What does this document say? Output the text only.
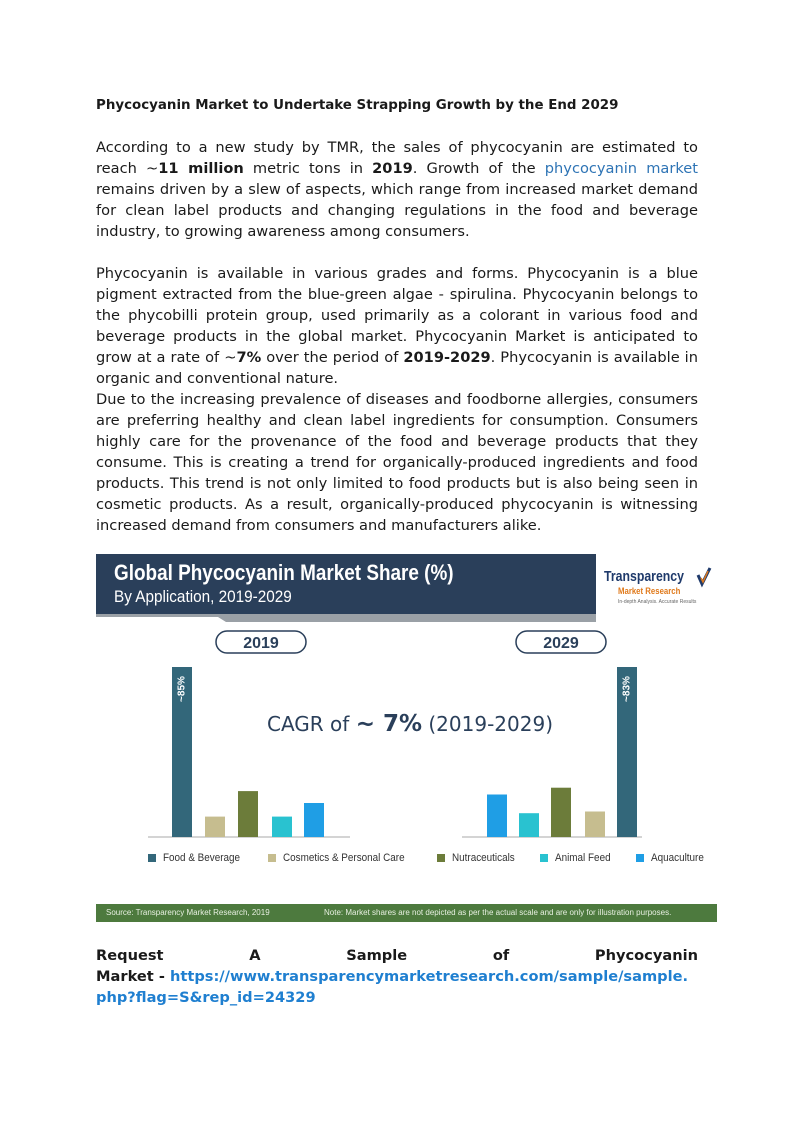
Phycocyanin Market to Undertake Strapping Growth by the End 2029

According to a new study by TMR, the sales of phycocyanin are estimated to reach ~11 million metric tons in 2019. Growth of the phycocyanin market remains driven by a slew of aspects, which range from increased market demand for clean label products and changing regulations in the food and beverage industry, to growing awareness among consumers.

Phycocyanin is available in various grades and forms. Phycocyanin is a blue pigment extracted from the blue-green algae - spirulina. Phycocyanin belongs to the phycobilli protein group, used primarily as a colorant in various food and beverage products in the global market. Phycocyanin Market is anticipated to grow at a rate of ~7% over the period of 2019-2029. Phycocyanin is available in organic and conventional nature.

Due to the increasing prevalence of diseases and foodborne allergies, consumers are preferring healthy and clean label ingredients for consumption. Consumers highly care for the provenance of the food and beverage products that they consume. This is creating a trend for organically-produced ingredients and food products. This trend is not only limited to food products but is also being seen in cosmetic products. As a result, organically-produced phycocyanin is witnessing increased demand from consumers and manufacturers alike.

Global Phycocyanin Market Share (%)
By Application, 2019-2029
Transparency
Market Research
In-depth Analysis. Accurate Results
2019
~85%
2029
~83%
CAGR of ~ 7% (2019-2029)
Food & Beverage	Cosmetics & Personal Care	Nutraceuticals	Animal Feed	Aquaculture
Source: Transparency Market Research, 2019	Note: Market shares are not depicted as per the actual scale and are only for illustration purposes.
Request	A	Sample	of	Phycocyanin
Market - https://www.transparencymarketresearch.com/sample/sample.php?flag=S&rep_id=24329
